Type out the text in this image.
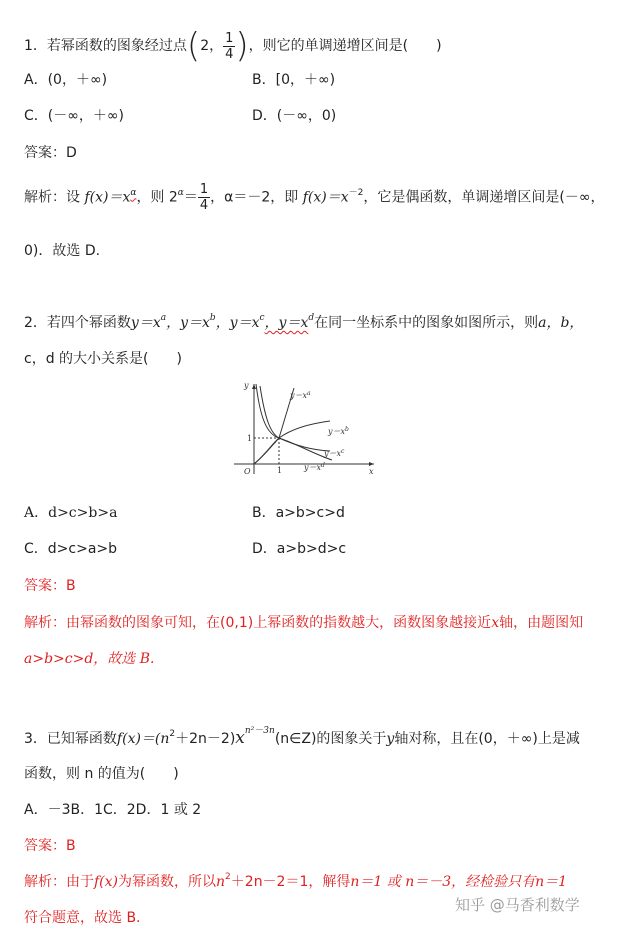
1．若幂函数的图象经过点(2， $\frac{1}{4}$ )，则它的单调递增区间是(　　)
A．(0，＋∞)	B．[0，＋∞)
C．(－∞，＋∞)	D．(－∞，0)
答案：D
解析：设 $f(x)=x^\alpha$，则 $2^\alpha= \frac{1}{4}$ ，α＝－2，即 $f(x)=x^{-2}$，它是偶函数，单调递增区间是(－∞，
0)．故选 D.
2．若四个幂函数$y=x^a$，$y=x^b$，$y=x^c$，$y=x^d$在同一坐标系中的图象如图所示，则a，b，
c，d 的大小关系是(　　)
x
y
O	1
1
$y=x^a$
$y=x^b$
$y=x^c$
$y=x^d$
A．d>c>b>a	B．a>b>c>d
C．d>c>a>b	D．a>b>d>c
答案：B
解析：由幂函数的图象可知，在(0,1)上幂函数的指数越大，函数图象越接近x轴，由题图知
a>b>c>d，故选 B.
3．已知幂函数$f(x)=(n^2+2n-2)x^{n^2-3n}(n\in Z)$的图象关于y轴对称，且在(0，＋∞)上是减
函数，则 n 的值为(　　)
A．－3B．1C．2D．1 或 2
答案：B
解析：由于f(x)为幂函数，所以$n^2+2n-2=1$，解得n＝1 或 n＝－3，经检验只有n＝1
符合题意，故选 B.
知乎 @马香利数学
